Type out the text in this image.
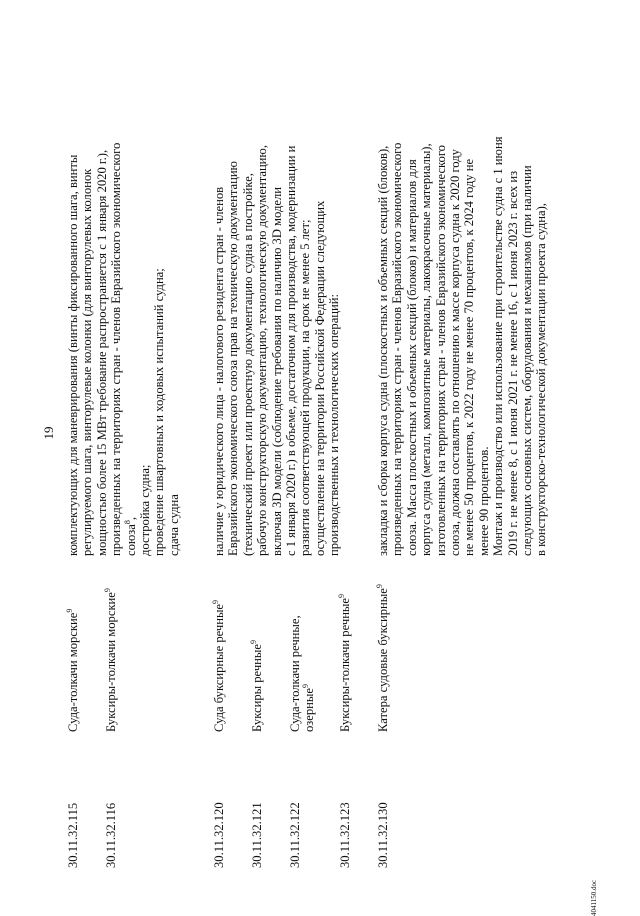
19
30.11.32.115
Суда-толкачи морские$^9$
комплектующих для маневрирования (винты фиксированного шага, винты регулируемого шага, винторулевые колонки (для винторулевых колонок мощностью более 15 МВт требование распространяется с 1 января 2020 г.), произведенных на территориях стран - членов Евразийского экономического союза$^8$, достройка судна; проведение швартовных и ходовых испытаний судна; сдача судна
30.11.32.116
Буксиры-толкачи морские$^9$
30.11.32.120
Суда буксирные речные$^9$
наличие у юридического лица - налогового резидента стран - членов Евразийского экономического союза прав на техническую документацию (технический проект или проектную документацию судна в постройке, рабочую конструкторскую документацию, технологическую документацию, включая 3D модели (соблюдение требования по наличию 3D модели с 1 января 2020 г.) в объеме, достаточном для производства, модернизации и развития соответствующей продукции, на срок не менее 5 лет; осуществление на территории Российской Федерации следующих производственных и технологических операций:
30.11.32.121
Буксиры речные$^9$
30.11.32.122
Суда-толкачи речные, озерные$^9$
30.11.32.123
Буксиры-толкачи речные$^9$
30.11.32.130
Катера судовые буксирные$^9$
закладка и сборка корпуса судна (плоскостных и объемных секций (блоков), произведенных на территориях стран - членов Евразийского экономического союза. Масса плоскостных и объемных секций (блоков) и материалов для корпуса судна (металл, композитные материалы, лакокрасочные материалы), изготовленных на территориях стран - членов Евразийского экономического союза, должна составлять по отношению к массе корпуса судна к 2020 году не менее 50 процентов, к 2022 году не менее 70 процентов, к 2024 году не менее 90 процентов. Монтаж и производство или использование при строительстве судна с 1 июня 2019 г. не менее 8, с 1 июня 2021 г. не менее 16, с 1 июня 2023 г. всех из следующих основных систем, оборудования и механизмов (при наличии в конструкторско-технологической документации проекта судна),
4041150.doc
